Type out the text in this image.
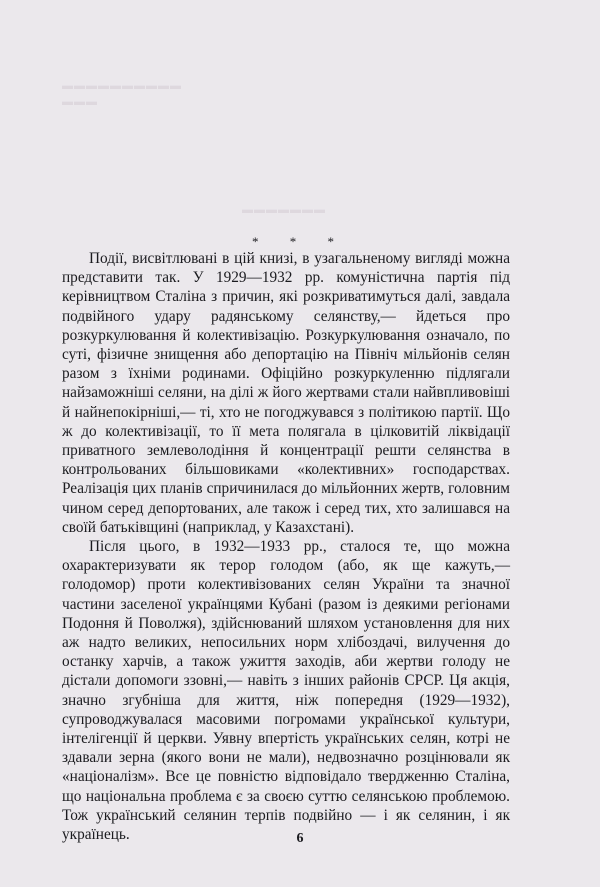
▬▬▬▬▬▬▬▬▬▬
▬▬▬
▬▬▬▬▬▬▬
* * *

Події, висвітлювані в цій книзі, в узагальненому вигляді можна представити так. У 1929—1932 рр. комуністична партія під керівництвом Сталіна з причин, які розкриватимуться далі, завдала подвійного удару радянському селянству,— йдеться про розкуркулювання й колективізацію. Розкуркулювання означало, по суті, фізичне знищення або депортацію на Північ мільйонів селян разом з їхніми родинами. Офіційно розкуркуленню підлягали найзаможніші селяни, на ділі ж його жертвами стали найвпливовіші й найнепокірніші,— ті, хто не погоджувався з політикою партії. Що ж до колективізації, то її мета полягала в цілковитій ліквідації приватного землеволодіння й концентрації решти селянства в контрольованих більшовиками «колективних» господарствах. Реалізація цих планів спричинилася до мільйонних жертв, головним чином серед депортованих, але також і серед тих, хто залишався на своїй батьківщині (наприклад, у Казахстані).

Після цього, в 1932—1933 рр., сталося те, що можна охарактеризувати як терор голодом (або, як ще кажуть,— голодомор) проти колективізованих селян України та значної частини заселеної українцями Кубані (разом із деякими регіонами Подоння й Поволжя), здійснюваний шляхом установлення для них аж надто великих, непосильних норм хлібоздачі, вилучення до останку харчів, а також ужиття заходів, аби жертви голоду не дістали допомоги ззовні,— навіть з інших районів СРСР. Ця акція, значно згубніша для життя, ніж попередня (1929—1932), супроводжувалася масовими погромами української культури, інтелігенції й церкви. Уявну впертість українських селян, котрі не здавали зерна (якого вони не мали), недвозначно розцінювали як «націоналізм». Все це повністю відповідало твердженню Сталіна, що національна проблема є за своєю суттю селянською проблемою. Тож український селянин терпів подвійно — і як селянин, і як українець.	6
